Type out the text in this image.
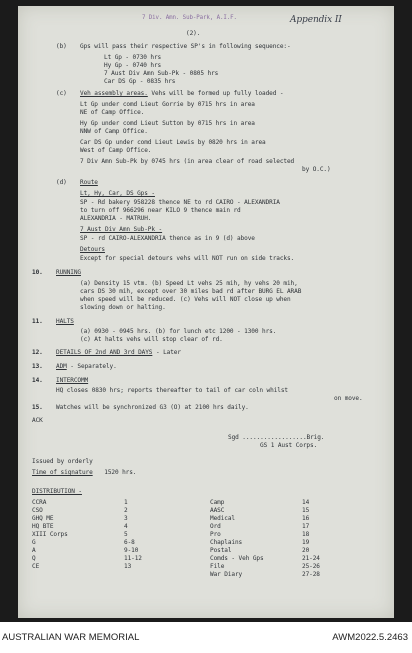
7 Div. Amn. Sub-Park, A.I.F.	Appendix II
(2).
(b) Gps will pass their respective SP's in following sequence:-
Lt Gp - 0730 hrs
Hy Gp - 0740 hrs
7 Aust Div Amn Sub-Pk - 0805 hrs
Car DS Gp - 0835 hrs
(c) Veh assembly areas. Vehs will be formed up fully loaded -
Lt Gp under comd Lieut Gorrie by 0715 hrs in area
NE of Camp Office.
Hy Gp under comd Lieut Sutton by 0715 hrs in area
NNW of Camp Office.
Car DS Gp under comd Lieut Lewis by 0820 hrs in area
West of Camp Office.
7 Div Amn Sub-Pk by 0745 hrs (in area clear of road selected
by O.C.)
(d) Route
Lt, Hy, Car, DS Gps -
SP - Rd bakery 958228 thence NE to rd CAIRO - ALEXANDRIA
to turn off 966296 near KILO 9 thence main rd
ALEXANDRIA - MATRUH.
7 Aust Div Amn Sub-Pk -
SP - rd CAIRO-ALEXANDRIA thence as in 9 (d) above
Detours
Except for special detours vehs will NOT run on side tracks.
10. RUNNING
(a) Density 15 vtm. (b) Speed Lt vehs 25 mih, hy vehs 20 mih,
cars DS 30 mih, except over 30 miles bad rd after BURG EL ARAB
when speed will be reduced. (c) Vehs will NOT close up when
slowing down or halting.
11. HALTS
(a) 0930 - 0945 hrs. (b) for lunch etc 1200 - 1300 hrs.
(c) At halts vehs will stop clear of rd.
12. DETAILS OF 2nd AND 3rd DAYS - Later
13. ADM - Separately.
14. INTERCOMM
HQ closes 0830 hrs; reports thereafter to tail of car coln whilst
on move.
15. Watches will be synchronized G3 (O) at 2100 hrs daily.
ACK
Sgd ..................Brig.
GS 1 Aust Corps.
Issued by orderly
Time of signature 1520 hrs.
DISTRIBUTION -
CCRA	1
CSO	2
GHQ ME	3
HQ BTE	4
XIII Corps	5
G	6-8
A	9-10
Q	11-12
CE	13
Camp	14
AASC	15
Medical	16
Ord	17
Pro	18
Chaplains	19
Postal	20
Comds - Veh Gps	21-24
File	25-26
War Diary	27-28
AUSTRALIAN WAR MEMORIAL	AWM2022.5.2463
